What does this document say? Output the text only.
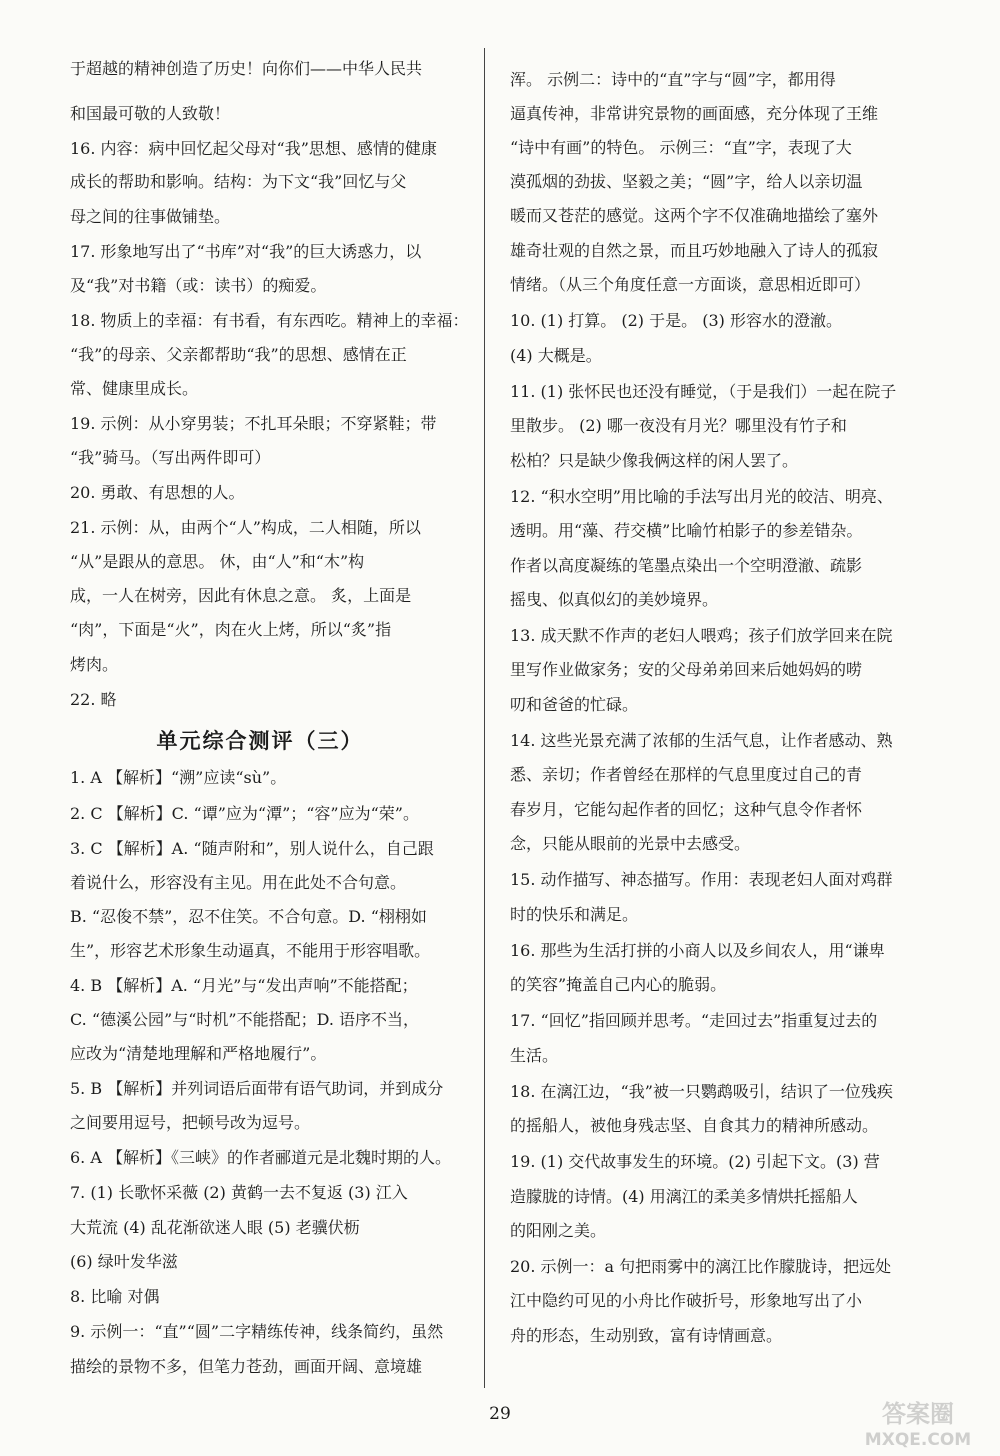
于超越的精神创造了历史！向你们——中华人民共
和国最可敬的人致敬！
16. 内容：病中回忆起父母对“我”思想、感情的健康
成长的帮助和影响。结构：为下文“我”回忆与父
母之间的往事做铺垫。
17. 形象地写出了“书库”对“我”的巨大诱惑力，以
及“我”对书籍（或：读书）的痴爱。
18. 物质上的幸福：有书看，有东西吃。精神上的幸福：
“我”的母亲、父亲都帮助“我”的思想、感情在正
常、健康里成长。
19. 示例：从小穿男装；不扎耳朵眼；不穿紧鞋；带
“我”骑马。（写出两件即可）
20. 勇敢、有思想的人。
21. 示例：从，由两个“人”构成，二人相随，所以
“从”是跟从的意思。 休，由“人”和“木”构
成，一人在树旁，因此有休息之意。 炙，上面是
“肉”，下面是“火”，肉在火上烤，所以“炙”指
烤肉。
22. 略
1. A 【解析】“溯”应读“sù”。
2. C 【解析】C. “谭”应为“潭”；“容”应为“荣”。
3. C 【解析】A. “随声附和”，别人说什么，自己跟
着说什么，形容没有主见。用在此处不合句意。
B. “忍俊不禁”，忍不住笑。不合句意。D. “栩栩如
生”，形容艺术形象生动逼真，不能用于形容唱歌。
4. B 【解析】A. “月光”与“发出声响”不能搭配；
C. “德溪公园”与“时机”不能搭配；D. 语序不当，
应改为“清楚地理解和严格地履行”。
5. B 【解析】并列词语后面带有语气助词，并到成分
之间要用逗号，把顿号改为逗号。
6. A 【解析】《三峡》的作者郦道元是北魏时期的人。
7. (1) 长歌怀采薇 (2) 黄鹤一去不复返 (3) 江入
大荒流 (4) 乱花渐欲迷人眼 (5) 老骥伏枥
(6) 绿叶发华滋
8. 比喻 对偶
9. 示例一：“直”“圆”二字精练传神，线条简约，虽然
描绘的景物不多，但笔力苍劲，画面开阔、意境雄
单元综合测评（三）
浑。 示例二：诗中的“直”字与“圆”字，都用得
逼真传神，非常讲究景物的画面感，充分体现了王维
“诗中有画”的特色。 示例三：“直”字，表现了大
漠孤烟的劲拔、坚毅之美；“圆”字，给人以亲切温
暖而又苍茫的感觉。这两个字不仅准确地描绘了塞外
雄奇壮观的自然之景，而且巧妙地融入了诗人的孤寂
情绪。（从三个角度任意一方面谈，意思相近即可）
10. (1) 打算。 (2) 于是。 (3) 形容水的澄澈。
(4) 大概是。
11. (1) 张怀民也还没有睡觉，（于是我们）一起在院子
里散步。 (2) 哪一夜没有月光？哪里没有竹子和
松柏？只是缺少像我俩这样的闲人罢了。
12. “积水空明”用比喻的手法写出月光的皎洁、明亮、
透明。用“藻、荇交横”比喻竹柏影子的参差错杂。
作者以高度凝练的笔墨点染出一个空明澄澈、疏影
摇曳、似真似幻的美妙境界。
13. 成天默不作声的老妇人喂鸡；孩子们放学回来在院
里写作业做家务；安的父母弟弟回来后她妈妈的唠
叨和爸爸的忙碌。
14. 这些光景充满了浓郁的生活气息，让作者感动、熟
悉、亲切；作者曾经在那样的气息里度过自己的青
春岁月，它能勾起作者的回忆；这种气息令作者怀
念，只能从眼前的光景中去感受。
15. 动作描写、神态描写。作用：表现老妇人面对鸡群
时的快乐和满足。
16. 那些为生活打拼的小商人以及乡间农人，用“谦卑
的笑容”掩盖自己内心的脆弱。
17. “回忆”指回顾并思考。“走回过去”指重复过去的
生活。
18. 在漓江边，“我”被一只鹦鹉吸引，结识了一位残疾
的摇船人，被他身残志坚、自食其力的精神所感动。
19. (1) 交代故事发生的环境。(2) 引起下文。(3) 营
造朦胧的诗情。(4) 用漓江的柔美多情烘托摇船人
的阳刚之美。
20. 示例一：a 句把雨雾中的漓江比作朦胧诗，把远处
江中隐约可见的小舟比作破折号，形象地写出了小
舟的形态，生动别致，富有诗情画意。
29	答案圈
MXQE.COM
